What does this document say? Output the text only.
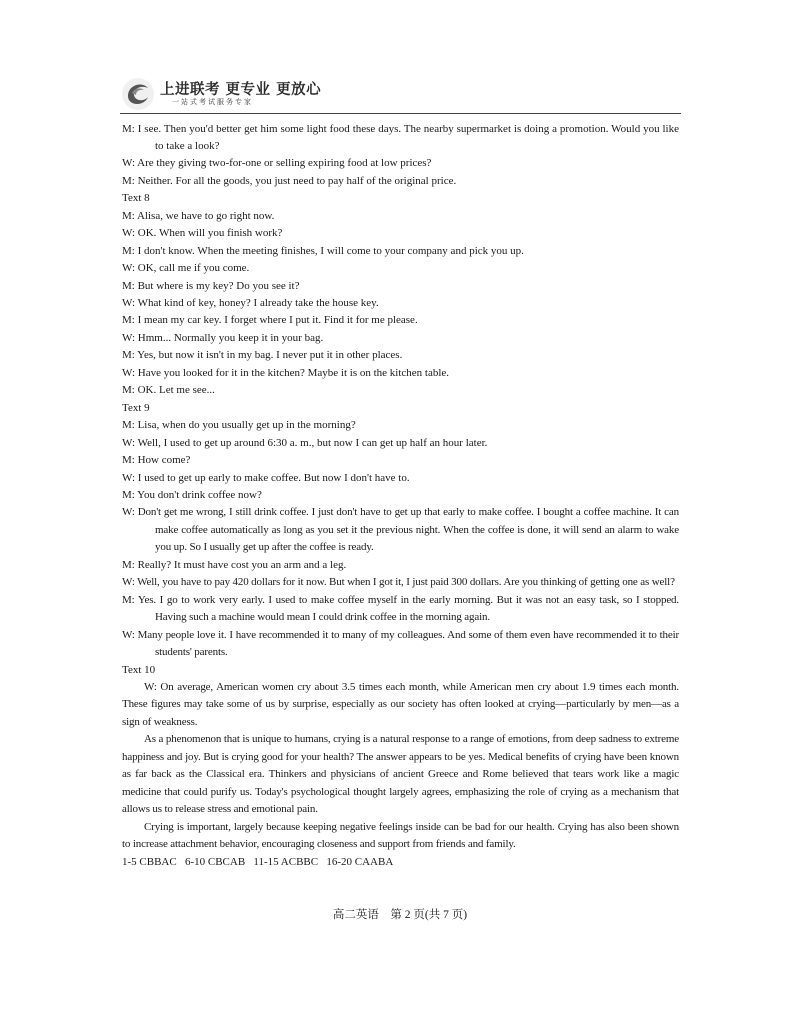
上进联考 更专业 更放心
一站式考试服务专家

M: I see. Then you'd better get him some light food these days. The nearby supermarket is doing a promotion. Would you like to take a look?

W: Are they giving two-for-one or selling expiring food at low prices?

M: Neither. For all the goods, you just need to pay half of the original price.

Text 8

M: Alisa, we have to go right now.

W: OK. When will you finish work?

M: I don't know. When the meeting finishes, I will come to your company and pick you up.

W: OK, call me if you come.

M: But where is my key? Do you see it?

W: What kind of key, honey? I already take the house key.

M: I mean my car key. I forget where I put it. Find it for me please.

W: Hmm... Normally you keep it in your bag.

M: Yes, but now it isn't in my bag. I never put it in other places.

W: Have you looked for it in the kitchen? Maybe it is on the kitchen table.

M: OK. Let me see...

Text 9

M: Lisa, when do you usually get up in the morning?

W: Well, I used to get up around 6:30 a. m., but now I can get up half an hour later.

M: How come?

W: I used to get up early to make coffee. But now I don't have to.

M: You don't drink coffee now?

W: Don't get me wrong, I still drink coffee. I just don't have to get up that early to make coffee. I bought a coffee machine. It can make coffee automatically as long as you set it the previous night. When the coffee is done, it will send an alarm to wake you up. So I usually get up after the coffee is ready.

M: Really? It must have cost you an arm and a leg.

W: Well, you have to pay 420 dollars for it now. But when I got it, I just paid 300 dollars. Are you thinking of getting one as well?

M: Yes. I go to work very early. I used to make coffee myself in the early morning. But it was not an easy task, so I stopped. Having such a machine would mean I could drink coffee in the morning again.

W: Many people love it. I have recommended it to many of my colleagues. And some of them even have recommended it to their students' parents.

Text 10

W: On average, American women cry about 3.5 times each month, while American men cry about 1.9 times each month. These figures may take some of us by surprise, especially as our society has often looked at crying—particularly by men—as a sign of weakness.

As a phenomenon that is unique to humans, crying is a natural response to a range of emotions, from deep sadness to extreme happiness and joy. But is crying good for your health? The answer appears to be yes. Medical benefits of crying have been known as far back as the Classical era. Thinkers and physicians of ancient Greece and Rome believed that tears work like a magic medicine that could purify us. Today's psychological thought largely agrees, emphasizing the role of crying as a mechanism that allows us to release stress and emotional pain.

Crying is important, largely because keeping negative feelings inside can be bad for our health. Crying has also been shown to increase attachment behavior, encouraging closeness and support from friends and family.

1-5 CBBAC   6-10 CBCAB   11-15 ACBBC   16-20 CAABA

高二英语　第 2 页(共 7 页)
